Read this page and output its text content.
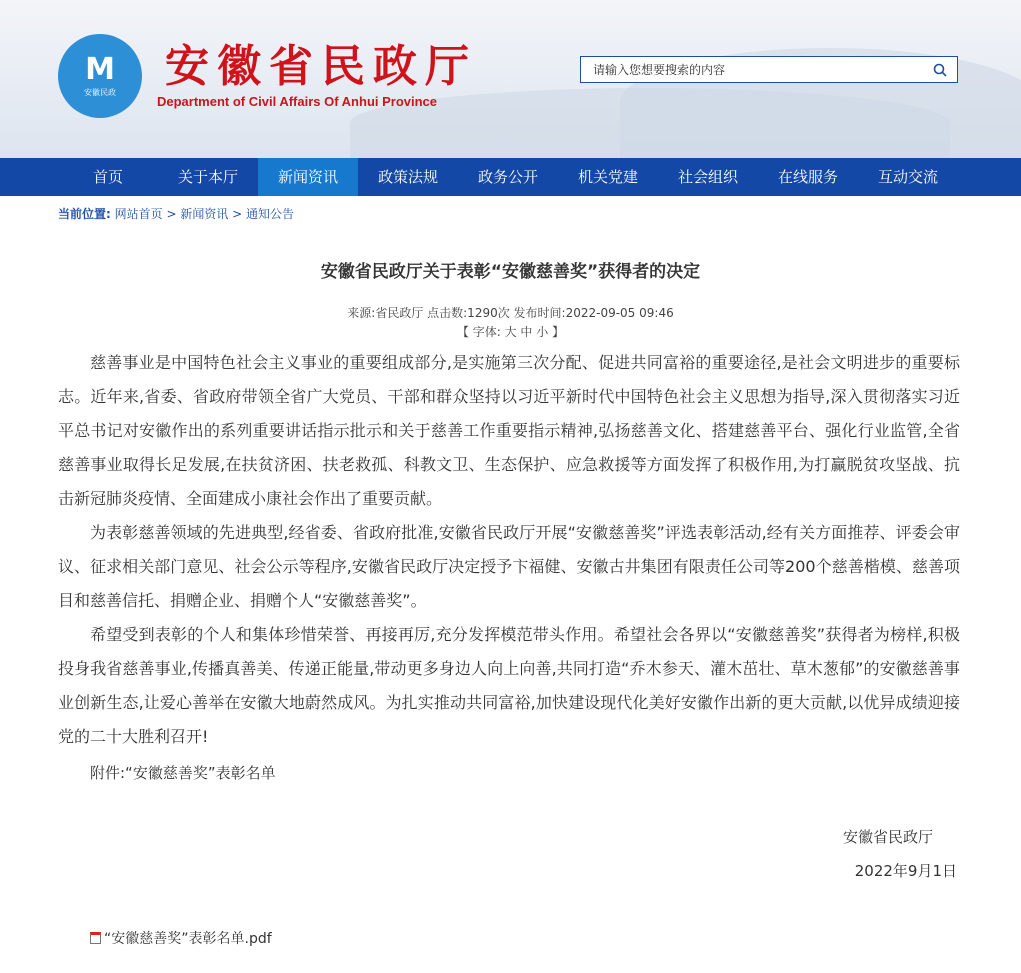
M
安徽民政 安徽省民政厅
Department of Civil Affairs Of Anhui Province
请输入您想要搜索的内容
首页	关于本厅	新闻资讯	政策法规	政务公开	机关党建	社会组织	在线服务	互动交流
当前位置: 网站首页 > 新闻资讯 > 通知公告
安徽省民政厅关于表彰“安徽慈善奖”获得者的决定
来源:省民政厅 点击数:1290次 发布时间:2022-09-05 09:46
【 字体: 大 中 小 】

慈善事业是中国特色社会主义事业的重要组成部分,是实施第三次分配、促进共同富裕的重要途径,是社会文明进步的重要标志。近年来,省委、省政府带领全省广大党员、干部和群众坚持以习近平新时代中国特色社会主义思想为指导,深入贯彻落实习近平总书记对安徽作出的系列重要讲话指示批示和关于慈善工作重要指示精神,弘扬慈善文化、搭建慈善平台、强化行业监管,全省慈善事业取得长足发展,在扶贫济困、扶老救孤、科教文卫、生态保护、应急救援等方面发挥了积极作用,为打赢脱贫攻坚战、抗击新冠肺炎疫情、全面建成小康社会作出了重要贡献。

为表彰慈善领域的先进典型,经省委、省政府批准,安徽省民政厅开展“安徽慈善奖”评选表彰活动,经有关方面推荐、评委会审议、征求相关部门意见、社会公示等程序,安徽省民政厅决定授予卞福健、安徽古井集团有限责任公司等200个慈善楷模、慈善项目和慈善信托、捐赠企业、捐赠个人“安徽慈善奖”。

希望受到表彰的个人和集体珍惜荣誉、再接再厉,充分发挥模范带头作用。希望社会各界以“安徽慈善奖”获得者为榜样,积极投身我省慈善事业,传播真善美、传递正能量,带动更多身边人向上向善,共同打造“乔木参天、灌木茁壮、草木葱郁”的安徽慈善事业创新生态,让爱心善举在安徽大地蔚然成风。为扎实推动共同富裕,加快建设现代化美好安徽作出新的更大贡献,以优异成绩迎接党的二十大胜利召开!

附件:“安徽慈善奖”表彰名单
安徽省民政厅
2022年9月1日
“安徽慈善奖”表彰名单.pdf
